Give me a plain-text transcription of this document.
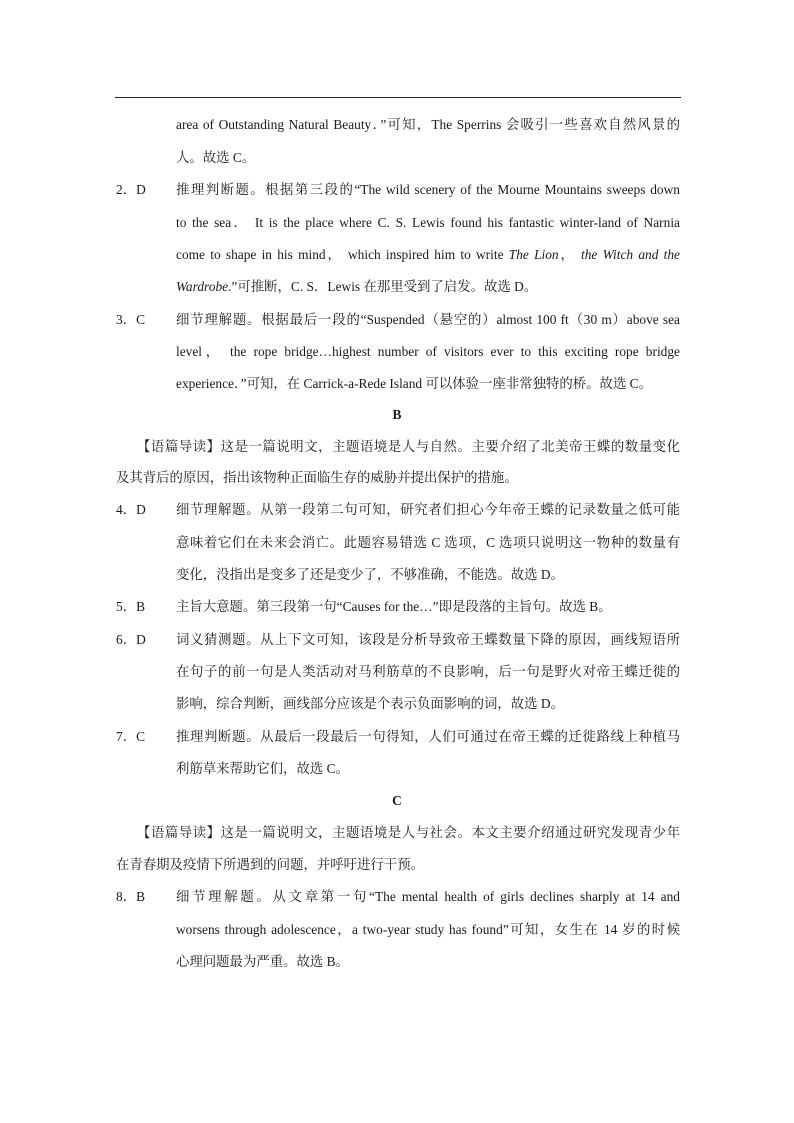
area of Outstanding Natural Beauty．”可知，The Sperrins 会吸引一些喜欢自然风景的
人。故选 C。
2．D 推理判断题。根据第三段的“The wild scenery of the Mourne Mountains sweeps down
to the sea． It is the place where C. S. Lewis found his fantastic winter-land of Narnia
come to shape in his mind， which inspired him to write The Lion， the Witch and the
Wardrobe.”可推断，C. S．Lewis 在那里受到了启发。故选 D。
3．C 细节理解题。根据最后一段的“Suspended（悬空的）almost 100 ft（30 m）above sea
level， the rope bridge…highest number of visitors ever to this exciting rope bridge
experience．”可知，在 Carrick-a-Rede Island 可以体验一座非常独特的桥。故选 C。
B
【语篇导读】这是一篇说明文，主题语境是人与自然。主要介绍了北美帝王蝶的数量变化
及其背后的原因，指出该物种正面临生存的威胁并提出保护的措施。
4．D 细节理解题。从第一段第二句可知，研究者们担心今年帝王蝶的记录数量之低可能
意味着它们在未来会消亡。此题容易错选 C 选项，C 选项只说明这一物种的数量有
变化，没指出是变多了还是变少了，不够准确，不能选。故选 D。
5．B 主旨大意题。第三段第一句“Causes for the…”即是段落的主旨句。故选 B。
6．D 词义猜测题。从上下文可知，该段是分析导致帝王蝶数量下降的原因，画线短语所
在句子的前一句是人类活动对马利筋草的不良影响，后一句是野火对帝王蝶迁徙的
影响，综合判断，画线部分应该是个表示负面影响的词，故选 D。
7．C 推理判断题。从最后一段最后一句得知，人们可通过在帝王蝶的迁徙路线上种植马
利筋草来帮助它们，故选 C。
C
【语篇导读】这是一篇说明文，主题语境是人与社会。本文主要介绍通过研究发现青少年
在青春期及疫情下所遇到的问题，并呼吁进行干预。
8．B 细节理解题。从文章第一句“The mental health of girls declines sharply at 14 and
worsens through adolescence，a two-year study has found”可知，女生在 14 岁的时候
心理问题最为严重。故选 B。
